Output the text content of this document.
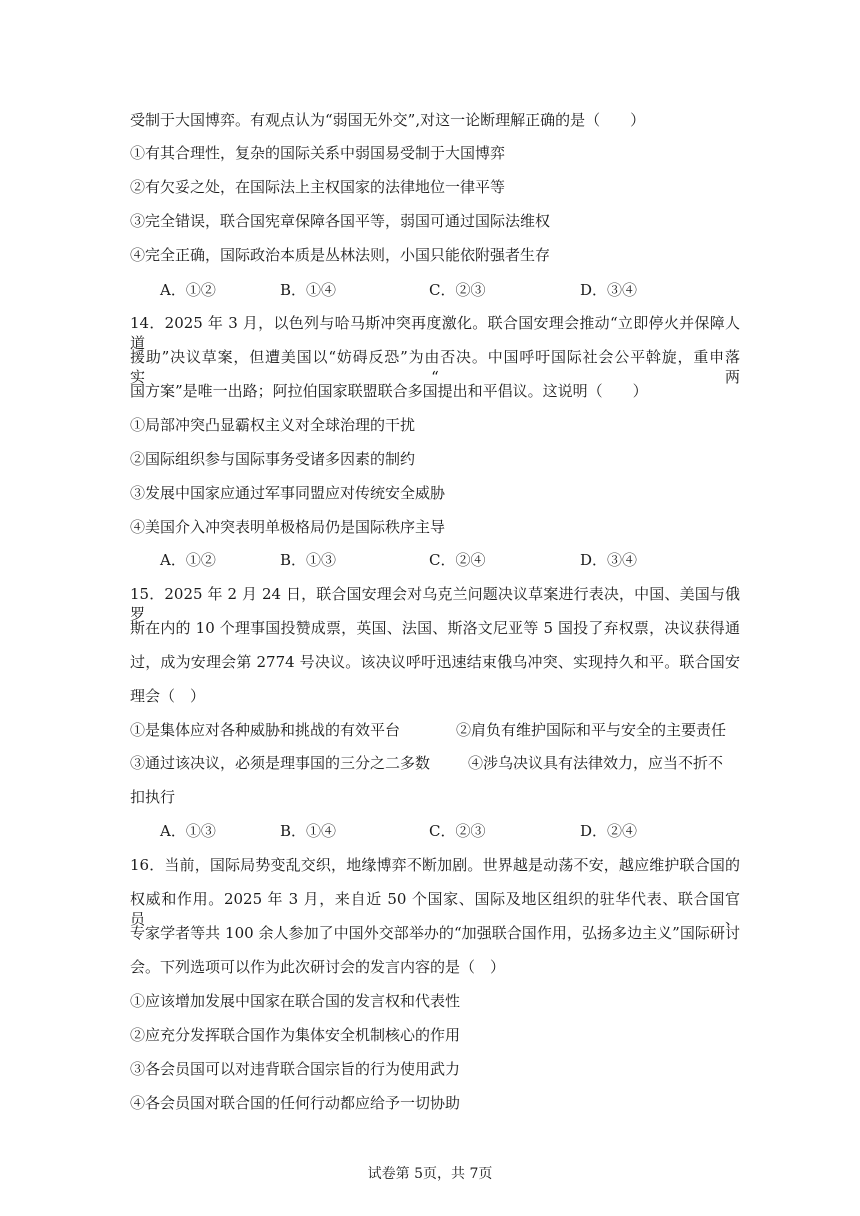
受制于大国博弈。有观点认为“弱国无外交”,对这一论断理解正确的是（　　）
①有其合理性，复杂的国际关系中弱国易受制于大国博弈
②有欠妥之处，在国际法上主权国家的法律地位一律平等
③完全错误，联合国宪章保障各国平等，弱国可通过国际法维权
④完全正确，国际政治本质是丛林法则，小国只能依附强者生存
A．①②	B．①④	C．②③	D．③④
14．2025 年 3 月，以色列与哈马斯冲突再度激化。联合国安理会推动“立即停火并保障人道
援助”决议草案，但遭美国以“妨碍反恐”为由否决。中国呼吁国际社会公平斡旋，重申落实“两
国方案”是唯一出路；阿拉伯国家联盟联合多国提出和平倡议。这说明（　　）
①局部冲突凸显霸权主义对全球治理的干扰
②国际组织参与国际事务受诸多因素的制约
③发展中国家应通过军事同盟应对传统安全威胁
④美国介入冲突表明单极格局仍是国际秩序主导
A．①②	B．①③	C．②④	D．③④
15．2025 年 2 月 24 日，联合国安理会对乌克兰问题决议草案进行表决，中国、美国与俄罗
斯在内的 10 个理事国投赞成票，英国、法国、斯洛文尼亚等 5 国投了弃权票，决议获得通
过，成为安理会第 2774 号决议。该决议呼吁迅速结束俄乌冲突、实现持久和平。联合国安
理会（　）
①是集体应对各种威胁和挑战的有效平台	②肩负有维护国际和平与安全的主要责任
③通过该决议，必须是理事国的三分之二多数	④涉乌决议具有法律效力，应当不折不
扣执行
A．①③	B．①④	C．②③	D．②④
16．当前，国际局势变乱交织，地缘博弈不断加剧。世界越是动荡不安，越应维护联合国的
权威和作用。2025 年 3 月，来自近 50 个国家、国际及地区组织的驻华代表、联合国官员、
专家学者等共 100 余人参加了中国外交部举办的“加强联合国作用，弘扬多边主义”国际研讨
会。下列选项可以作为此次研讨会的发言内容的是（　）
①应该增加发展中国家在联合国的发言权和代表性
②应充分发挥联合国作为集体安全机制核心的作用
③各会员国可以对违背联合国宗旨的行为使用武力
④各会员国对联合国的任何行动都应给予一切协助
试卷第 5页，共 7页
